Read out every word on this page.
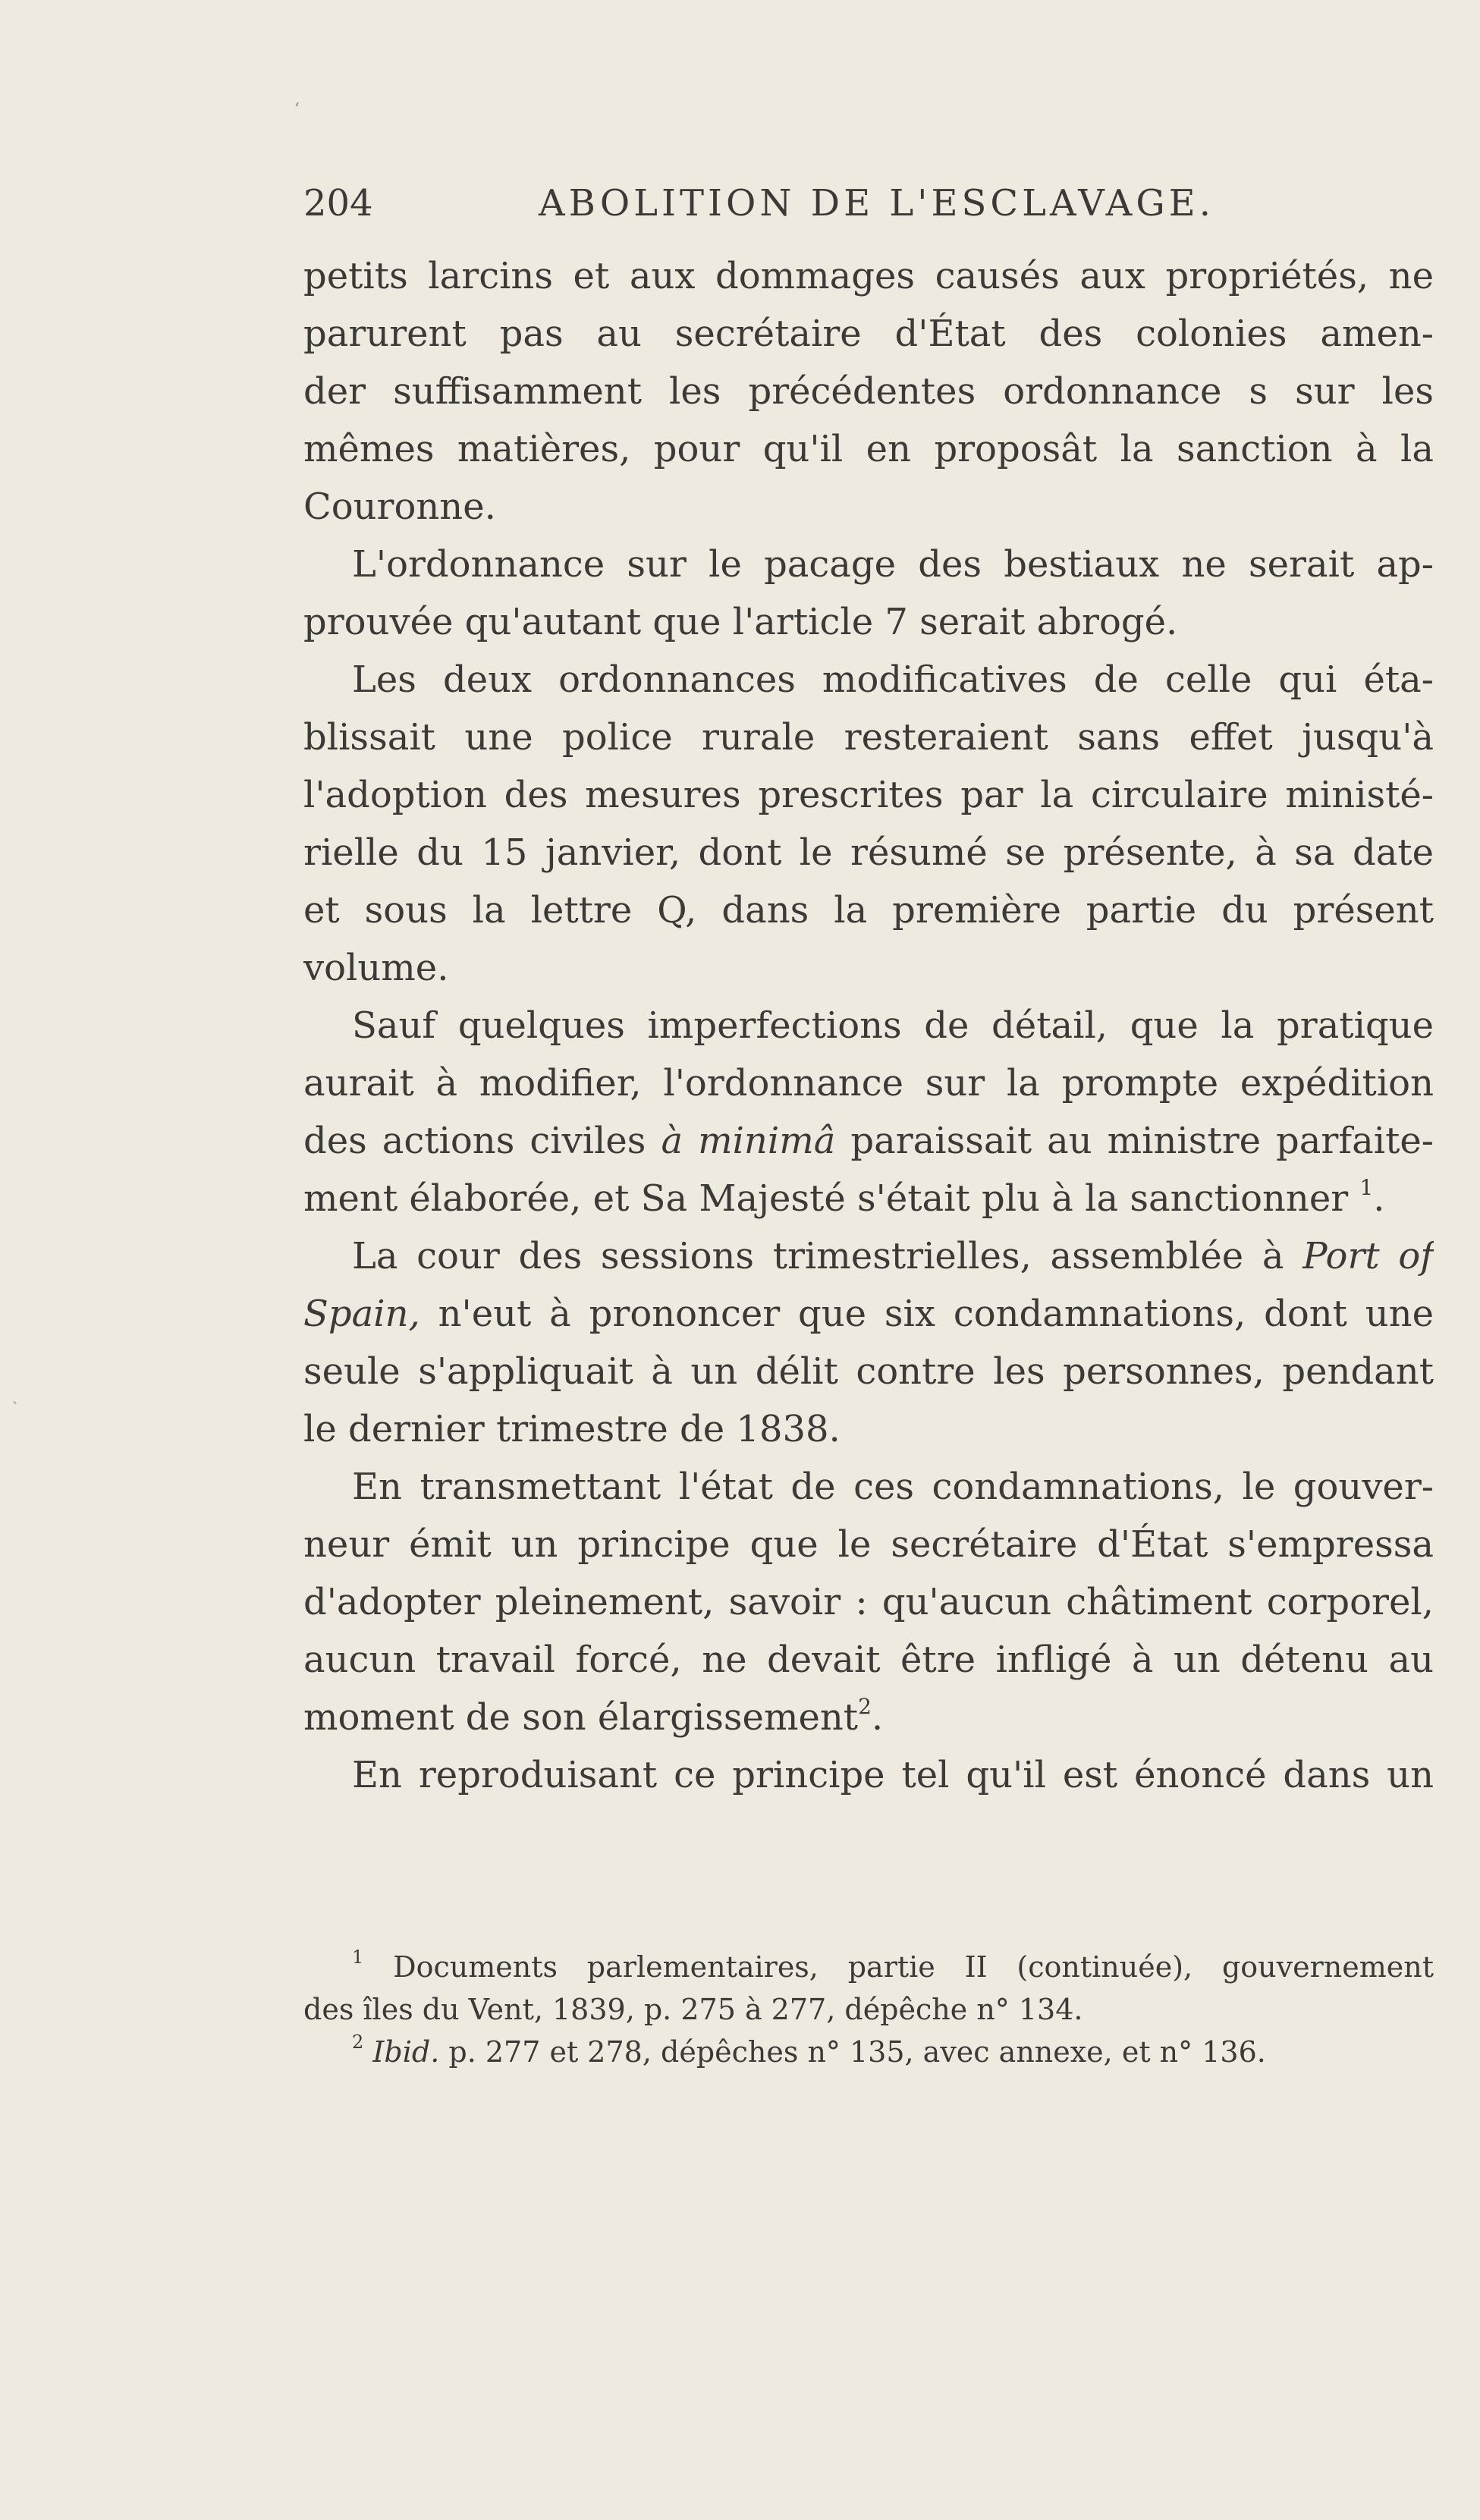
ʻ
ˏ
204	ABOLITION DE L'ESCLAVAGE.
petits larcins et aux dommages causés aux propriétés, ne
parurent pas au secrétaire d'État des colonies amen-
der suffisamment les précédentes ordonnance s sur les
mêmes matières, pour qu'il en proposât la sanction à la
Couronne.
L'ordonnance sur le pacage des bestiaux ne serait ap-
prouvée qu'autant que l'article 7 serait abrogé.
Les deux ordonnances modificatives de celle qui éta-
blissait une police rurale resteraient sans effet jusqu'à
l'adoption des mesures prescrites par la circulaire ministé-
rielle du 15 janvier, dont le résumé se présente, à sa date
et sous la lettre Q, dans la première partie du présent
volume.
Sauf quelques imperfections de détail, que la pratique
aurait à modifier, l'ordonnance sur la prompte expédition
des actions civiles à minimâ paraissait au ministre parfaite-
ment élaborée, et Sa Majesté s'était plu à la sanctionner $^1$.
La cour des sessions trimestrielles, assemblée à Port of
Spain, n'eut à prononcer que six condamnations, dont une
seule s'appliquait à un délit contre les personnes, pendant
le dernier trimestre de 1838.
En transmettant l'état de ces condamnations, le gouver-
neur émit un principe que le secrétaire d'État s'empressa
d'adopter pleinement, savoir : qu'aucun châtiment corporel,
aucun travail forcé, ne devait être infligé à un détenu au
moment de son élargissement$^2$.
En reproduisant ce principe tel qu'il est énoncé dans un
$^1$ Documents parlementaires, partie II (continuée), gouvernement
des îles du Vent, 1839, p. 275 à 277, dépêche n° 134.
$^2$ Ibid. p. 277 et 278, dépêches n° 135, avec annexe, et n° 136.
